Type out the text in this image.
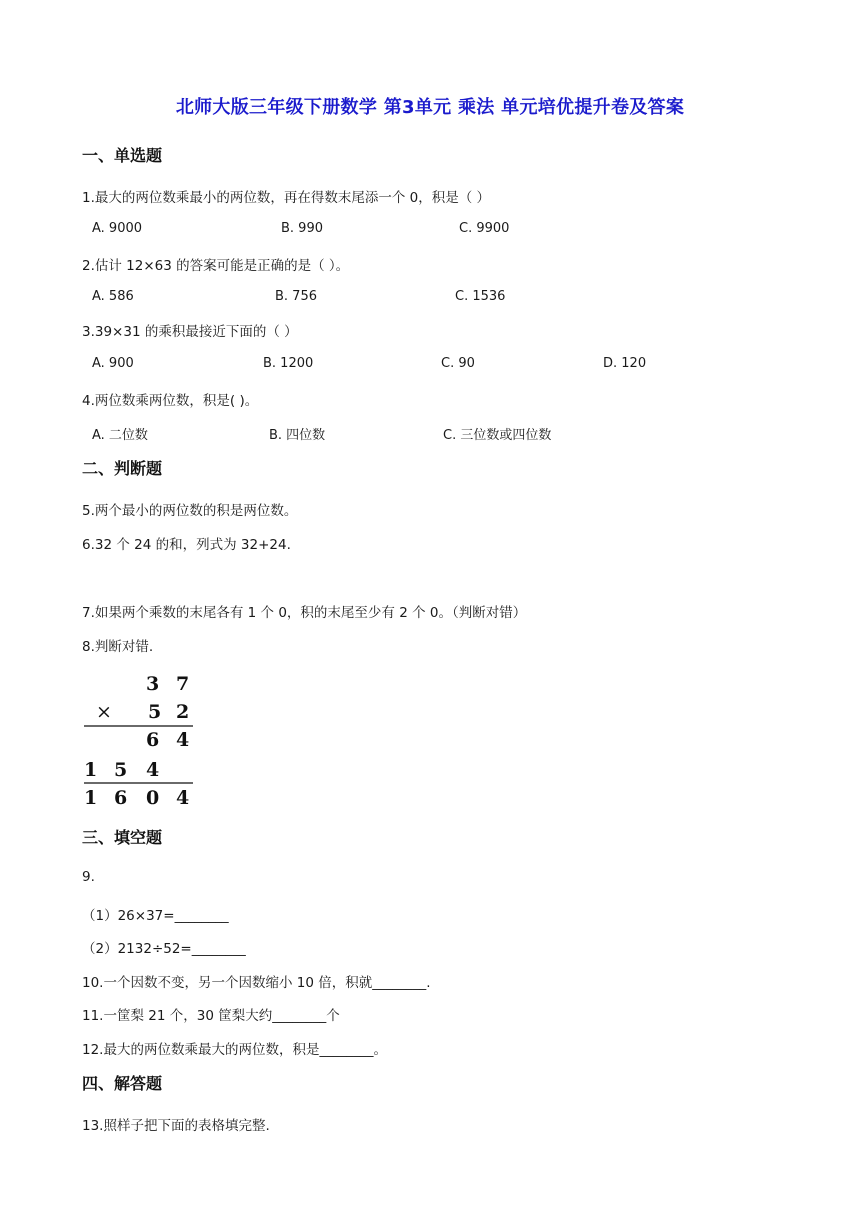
北师大版三年级下册数学 第3单元 乘法 单元培优提升卷及答案
一、单选题
1.最大的两位数乘最小的两位数，再在得数末尾添一个 0，积是（ ）
A. 9000	B. 990	C. 9900
2.估计 12×63 的答案可能是正确的是（ ）。
A. 586	B. 756	C. 1536
3.39×31 的乘积最接近下面的（ ）
A. 900	B. 1200	C. 90	D. 120
4.两位数乘两位数，积是( )。
A. 二位数	B. 四位数	C. 三位数或四位数
二、判断题
5.两个最小的两位数的积是两位数。
6.32 个 24 的和，列式为 32+24.
7.如果两个乘数的末尾各有 1 个 0，积的末尾至少有 2 个 0。（判断对错）
8.判断对错.
3 7
× 5 2
6 4
1 5 4
1 6 0 4
三、填空题
9.
（1）26×37=________
（2）2132÷52=________
10.一个因数不变，另一个因数缩小 10 倍，积就________.
11.一筐梨 21 个，30 筐梨大约________个
12.最大的两位数乘最大的两位数，积是________。
四、解答题
13.照样子把下面的表格填完整.
